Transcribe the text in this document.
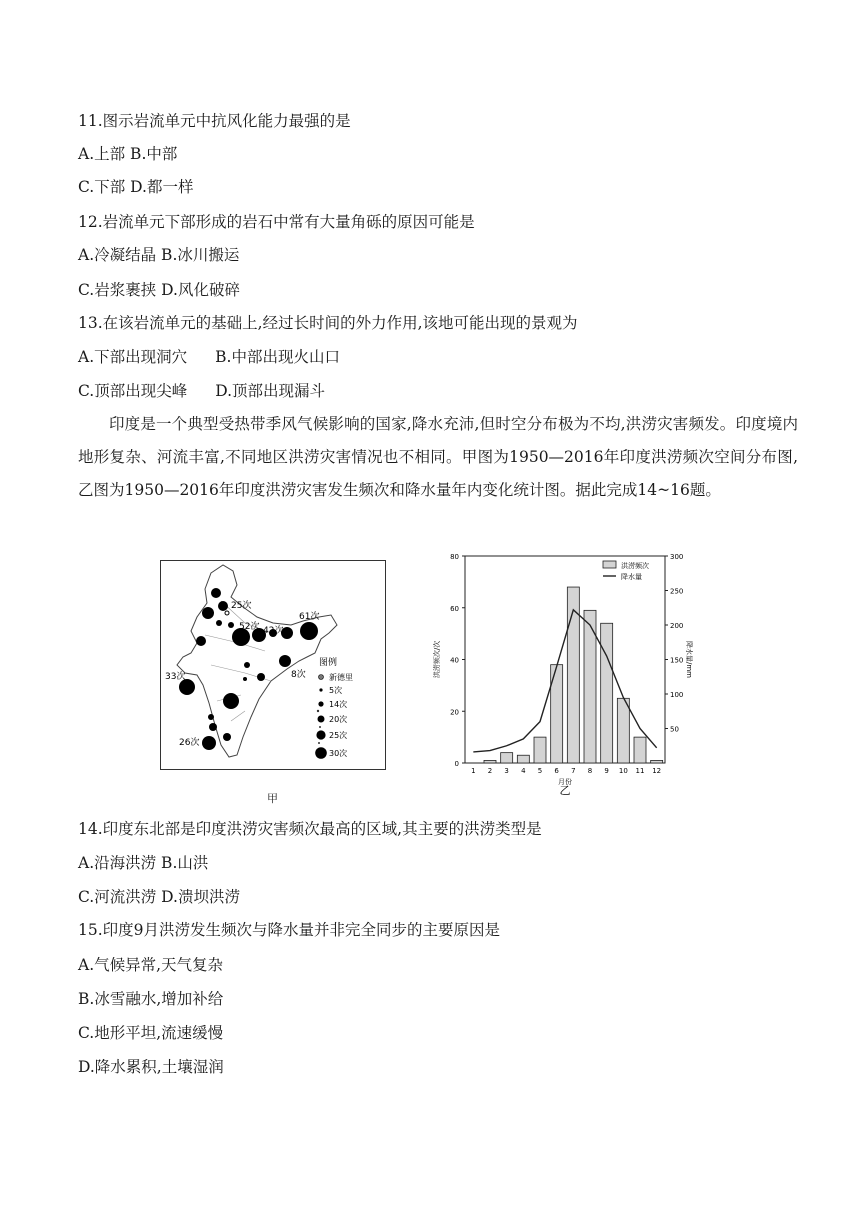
11.图示岩流单元中抗风化能力最强的是
A.上部 B.中部
C.下部 D.都一样
12.岩流单元下部形成的岩石中常有大量角砾的原因可能是
A.冷凝结晶 B.冰川搬运
C.岩浆裹挟 D.风化破碎
13.在该岩流单元的基础上,经过长时间的外力作用,该地可能出现的景观为
A.下部出现洞穴 B.中部出现火山口
C.顶部出现尖峰 D.顶部出现漏斗
印度是一个典型受热带季风气候影响的国家,降水充沛,但时空分布极为不均,洪涝灾害频发。印度境内地形复杂、河流丰富,不同地区洪涝灾害情况也不相同。甲图为1950—2016年印度洪涝频次空间分布图,乙图为1950—2016年印度洪涝灾害发生频次和降水量年内变化统计图。据此完成14~16题。
25次
52次 42次
61次
33次	8次
26次
图例
新德里
5次
14次
20次
25次
30次
甲
0
20
40
60
80
50
100
150
200
250
300
1 2 3 4 5 6 7 8 9 10 11 12
月份
洪涝频次/次	降水量/mm
洪涝频次
降水量
乙
14.印度东北部是印度洪涝灾害频次最高的区域,其主要的洪涝类型是
A.沿海洪涝 B.山洪
C.河流洪涝 D.溃坝洪涝
15.印度9月洪涝发生频次与降水量并非完全同步的主要原因是
A.气候异常,天气复杂
B.冰雪融水,增加补给
C.地形平坦,流速缓慢
D.降水累积,土壤湿润
